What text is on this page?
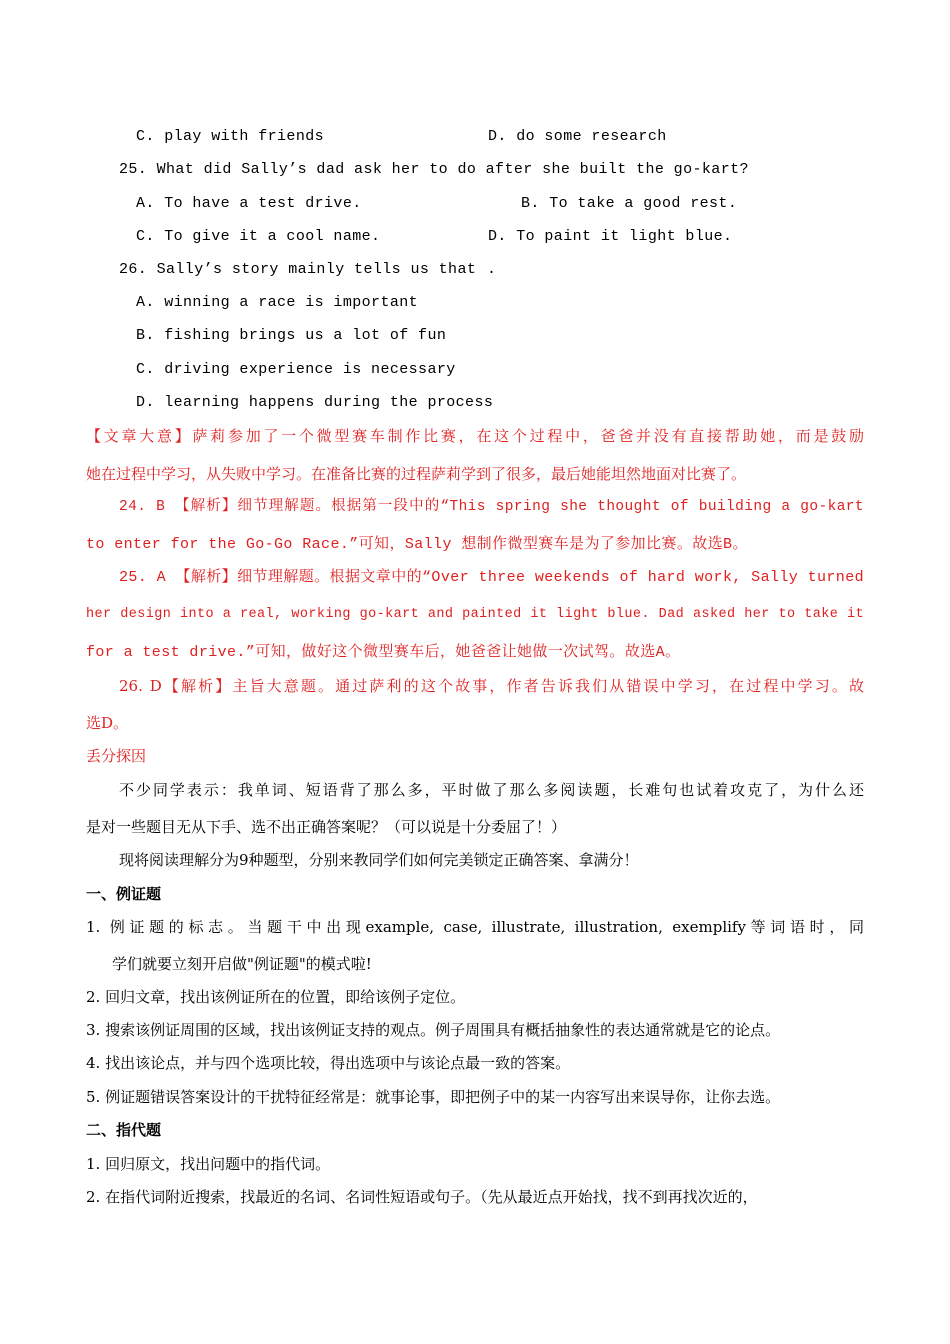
C. play with friends	D. do some research
25. What did Sally’s dad ask her to do after she built the go-kart?
A. To have a test drive.	B. To take a good rest.
C. To give it a cool name.	D. To paint it light blue.
26. Sally’s story mainly tells us that .
A. winning a race is important
B. fishing brings us a lot of fun
C. driving experience is necessary
D. learning happens during the process
【文章大意】萨莉参加了一个微型赛车制作比赛，在这个过程中，爸爸并没有直接帮助她，而是鼓励
她在过程中学习，从失败中学习。在准备比赛的过程萨莉学到了很多，最后她能坦然地面对比赛了。
24. B 【解析】细节理解题。根据第一段中的“This spring she thought of building a go-kart
to enter for the Go-Go Race.”可知，Sally 想制作微型赛车是为了参加比赛。故选B。
25. A 【解析】细节理解题。根据文章中的“Over three weekends of hard work, Sally turned
her design into a real, working go-kart and painted it light blue. Dad asked her to take it
for a test drive.”可知，做好这个微型赛车后，她爸爸让她做一次试驾。故选A。
26. D【解析】主旨大意题。通过萨利的这个故事，作者告诉我们从错误中学习，在过程中学习。故
选D。
丢分探因
不少同学表示：我单词、短语背了那么多，平时做了那么多阅读题，长难句也试着攻克了，为什么还
是对一些题目无从下手、选不出正确答案呢？（可以说是十分委屈了！）
现将阅读理解分为9种题型，分别来教同学们如何完美锁定正确答案、拿满分！
一、例证题
1. 例证题的标志。当题干中出现example, case, illustrate, illustration, exemplify等词语时，同
学们就要立刻开启做"例证题"的模式啦!
2. 回归文章，找出该例证所在的位置，即给该例子定位。
3. 搜索该例证周围的区域，找出该例证支持的观点。例子周围具有概括抽象性的表达通常就是它的论点。
4. 找出该论点，并与四个选项比较，得出选项中与该论点最一致的答案。
5. 例证题错误答案设计的干扰特征经常是：就事论事，即把例子中的某一内容写出来误导你，让你去选。
二、指代题
1. 回归原文，找出问题中的指代词。
2. 在指代词附近搜索，找最近的名词、名词性短语或句子。（先从最近点开始找，找不到再找次近的，
